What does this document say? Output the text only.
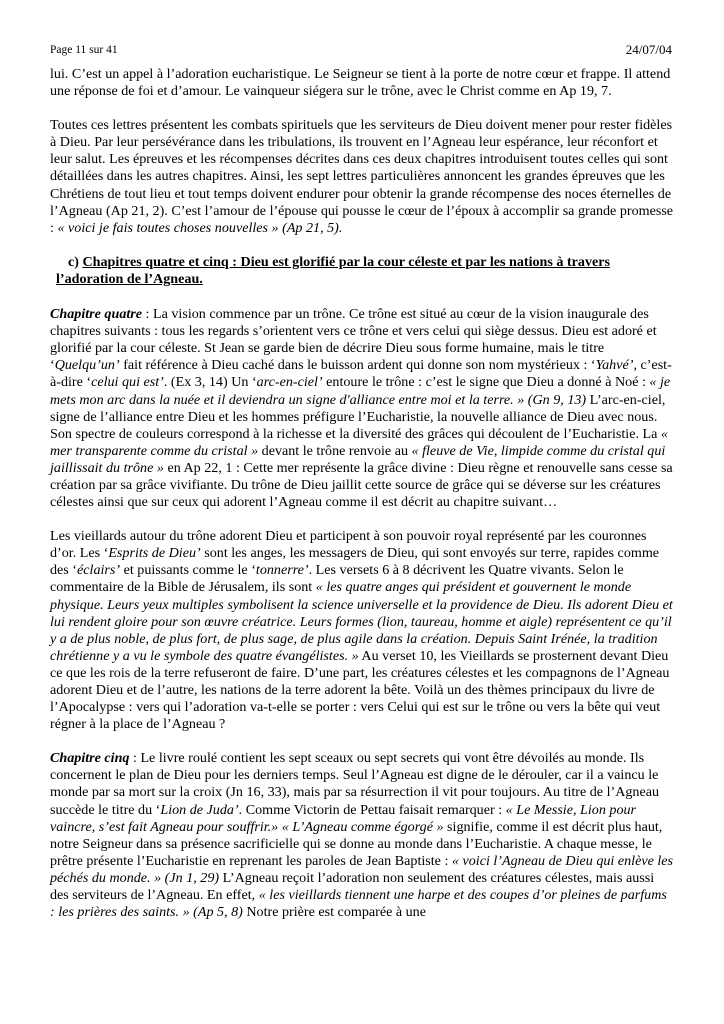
Page 11 sur 41	24/07/04

lui. C’est un appel à l’adoration eucharistique. Le Seigneur se tient à la porte de notre cœur et frappe. Il attend une réponse de foi et d’amour. Le vainqueur siégera sur le trône, avec le Christ comme en Ap 19, 7.

Toutes ces lettres présentent les combats spirituels que les serviteurs de Dieu doivent mener pour rester fidèles à Dieu. Par leur persévérance dans les tribulations, ils trouvent en l’Agneau leur espérance, leur réconfort et leur salut. Les épreuves et les récompenses décrites dans ces deux chapitres introduisent toutes celles qui sont détaillées dans les autres chapitres. Ainsi, les sept lettres particulières annoncent les grandes épreuves que les Chrétiens de tout lieu et tout temps doivent endurer pour obtenir la grande récompense des noces éternelles de l’Agneau (Ap 21, 2). C’est l’amour de l’épouse qui pousse le cœur de l’époux à accomplir sa grande promesse : « voici je fais toutes choses nouvelles » (Ap 21, 5).

c) Chapitres quatre et cinq : Dieu est glorifié par la cour céleste et par les nations à travers
l’adoration de l’Agneau.

Chapitre quatre : La vision commence par un trône. Ce trône est situé au cœur de la vision inaugurale des chapitres suivants : tous les regards s’orientent vers ce trône et vers celui qui siège dessus. Dieu est adoré et glorifié par la cour céleste. St Jean se garde bien de décrire Dieu sous forme humaine, mais le titre ‘Quelqu’un’ fait référence à Dieu caché dans le buisson ardent qui donne son nom mystérieux : ‘Yahvé’, c’est-à-dire ‘celui qui est’. (Ex 3, 14) Un ‘arc-en-ciel’ entoure le trône : c’est le signe que Dieu a donné à Noé : « je mets mon arc dans la nuée et il deviendra un signe d'alliance entre moi et la terre. » (Gn 9, 13) L’arc-en-ciel, signe de l’alliance entre Dieu et les hommes préfigure l’Eucharistie, la nouvelle alliance de Dieu avec nous. Son spectre de couleurs correspond à la richesse et la diversité des grâces qui découlent de l’Eucharistie. La « mer transparente comme du cristal » devant le trône renvoie au « fleuve de Vie, limpide comme du cristal qui jaillissait du trône » en Ap 22, 1 : Cette mer représente la grâce divine : Dieu règne et renouvelle sans cesse sa création par sa grâce vivifiante. Du trône de Dieu jaillit cette source de grâce qui se déverse sur les créatures célestes ainsi que sur ceux qui adorent l’Agneau comme il est décrit au chapitre suivant…

Les vieillards autour du trône adorent Dieu et participent à son pouvoir royal représenté par les couronnes d’or. Les ‘Esprits de Dieu’ sont les anges, les messagers de Dieu, qui sont envoyés sur terre, rapides comme des ‘éclairs’ et puissants comme le ‘tonnerre’. Les versets 6 à 8 décrivent les Quatre vivants. Selon le commentaire de la Bible de Jérusalem, ils sont « les quatre anges qui président et gouvernent le monde physique. Leurs yeux multiples symbolisent la science universelle et la providence de Dieu. Ils adorent Dieu et lui rendent gloire pour son œuvre créatrice. Leurs formes (lion, taureau, homme et aigle) représentent ce qu’il y a de plus noble, de plus fort, de plus sage, de plus agile dans la création. Depuis Saint Irénée, la tradition chrétienne y a vu le symbole des quatre évangélistes. » Au verset 10, les Vieillards se prosternent devant Dieu ce que les rois de la terre refuseront de faire. D’une part, les créatures célestes et les compagnons de l’Agneau adorent Dieu et de l’autre, les nations de la terre adorent la bête. Voilà un des thèmes principaux du livre de l’Apocalypse : vers qui l’adoration va-t-elle se porter : vers Celui qui est sur le trône ou vers la bête qui veut régner à la place de l’Agneau ?

Chapitre cinq : Le livre roulé contient les sept sceaux ou sept secrets qui vont être dévoilés au monde. Ils concernent le plan de Dieu pour les derniers temps. Seul l’Agneau est digne de le dérouler, car il a vaincu le monde par sa mort sur la croix (Jn 16, 33), mais par sa résurrection il vit pour toujours. Au titre de l’Agneau succède le titre du ‘Lion de Juda’. Comme Victorin de Pettau faisait remarquer : « Le Messie, Lion pour vaincre, s’est fait Agneau pour souffrir.» « L’Agneau comme égorgé » signifie, comme il est décrit plus haut, notre Seigneur dans sa présence sacrificielle qui se donne au monde dans l’Eucharistie. A chaque messe, le prêtre présente l’Eucharistie en reprenant les paroles de Jean Baptiste : « voici l’Agneau de Dieu qui enlève les péchés du monde. » (Jn 1, 29) L’Agneau reçoit l’adoration non seulement des créatures célestes, mais aussi des serviteurs de l’Agneau. En effet, « les vieillards tiennent une harpe et des coupes d’or pleines de parfums : les prières des saints. » (Ap 5, 8) Notre prière est comparée à une
